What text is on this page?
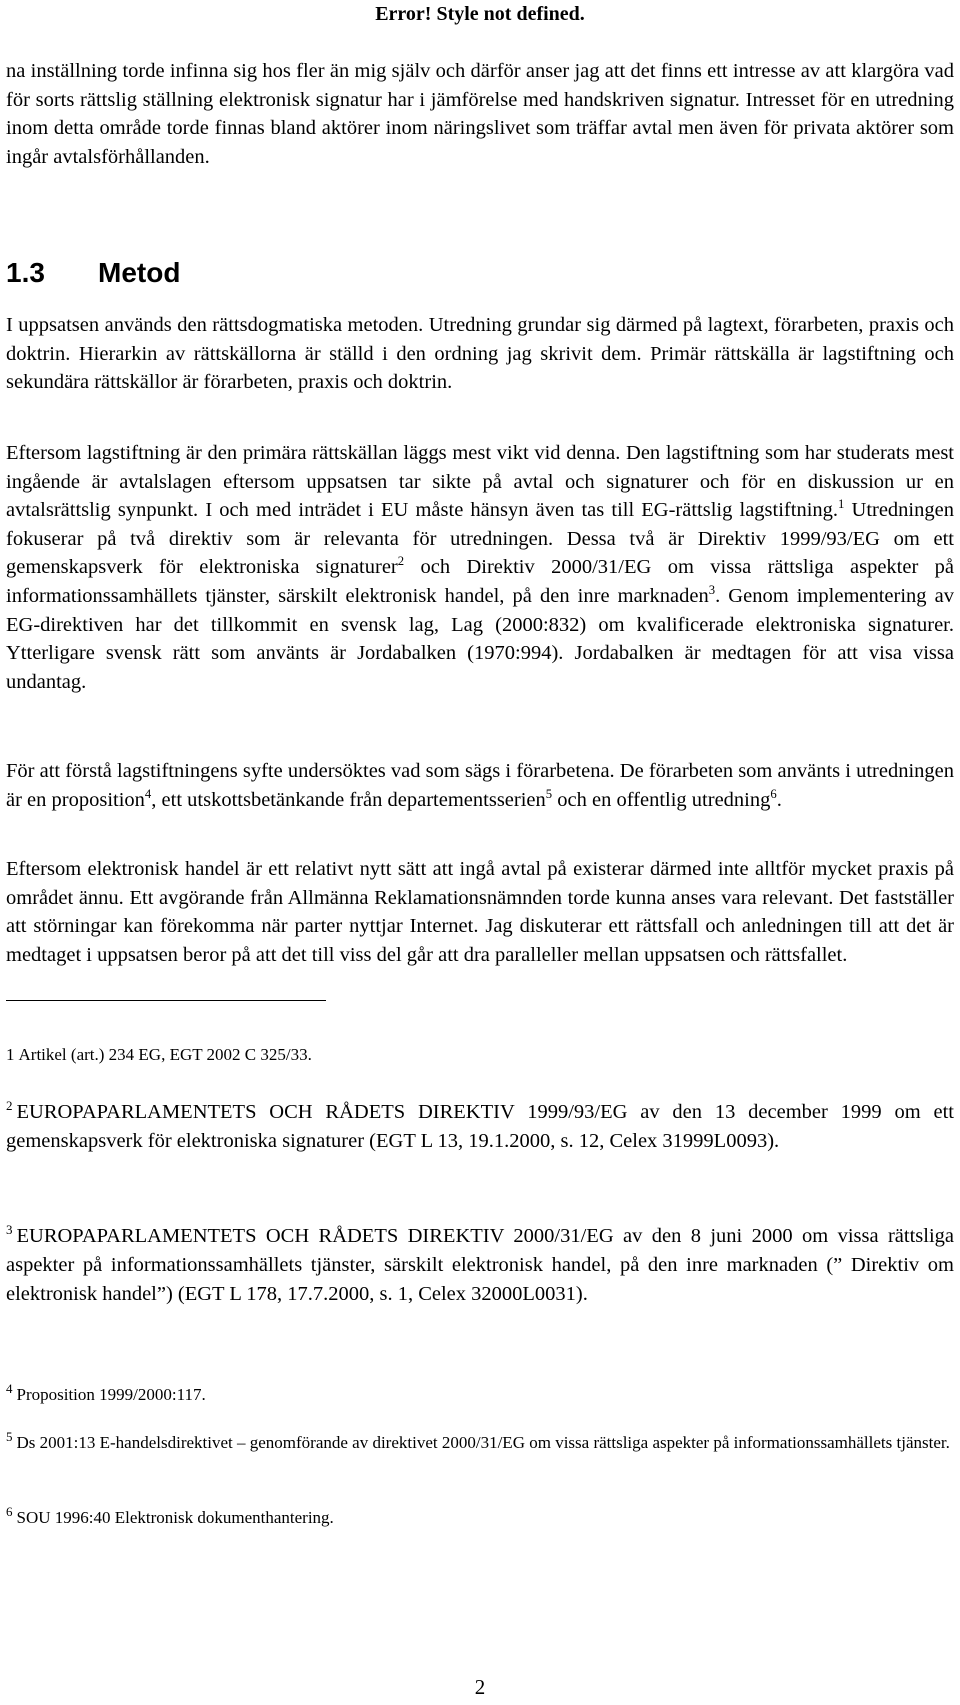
Error! Style not defined.

na inställning torde infinna sig hos fler än mig själv och därför anser jag att det finns ett intresse av att klargöra vad för sorts rättslig ställning elektronisk signatur har i jämförelse med handskriven signatur. Intresset för en utredning inom detta område torde finnas bland aktörer inom näringslivet som träffar avtal men även för privata aktörer som ingår avtalsförhållanden.

1.3 Metod

I uppsatsen används den rättsdogmatiska metoden. Utredning grundar sig därmed på lagtext, förarbeten, praxis och doktrin. Hierarkin av rättskällorna är ställd i den ordning jag skrivit dem. Primär rättskälla är lagstiftning och sekundära rättskällor är förarbeten, praxis och doktrin.

Eftersom lagstiftning är den primära rättskällan läggs mest vikt vid denna. Den lagstiftning som har studerats mest ingående är avtalslagen eftersom uppsatsen tar sikte på avtal och signaturer och för en diskussion ur en avtalsrättslig synpunkt. I och med inträdet i EU måste hänsyn även tas till EG-rättslig lagstiftning.$^1$ Utredningen fokuserar på två direktiv som är relevanta för utredningen. Dessa två är Direktiv 1999/93/EG om ett gemenskapsverk för elektroniska signaturer$^2$ och Direktiv 2000/31/EG om vissa rättsliga aspekter på informationssamhällets tjänster, särskilt elektronisk handel, på den inre marknaden$^3$. Genom implementering av EG-direktiven har det tillkommit en svensk lag, Lag (2000:832) om kvalificerade elektroniska signaturer. Ytterligare svensk rätt som använts är Jordabalken (1970:994). Jordabalken är medtagen för att visa vissa undantag.

För att förstå lagstiftningens syfte undersöktes vad som sägs i förarbetena. De förarbeten som använts i utredningen är en proposition$^4$, ett utskottsbetänkande från departementsserien$^5$ och en offentlig utredning$^6$.

Eftersom elektronisk handel är ett relativt nytt sätt att ingå avtal på existerar därmed inte alltför mycket praxis på området ännu. Ett avgörande från Allmänna Reklamationsnämnden torde kunna anses vara relevant. Det fastställer att störningar kan förekomma när parter nyttjar Internet. Jag diskuterar ett rättsfall och anledningen till att det är medtaget i uppsatsen beror på att det till viss del går att dra paralleller mellan uppsatsen och rättsfallet.

1 Artikel (art.) 234 EG, EGT 2002 C 325/33.

$^2$ EUROPAPARLAMENTETS OCH RÅDETS DIREKTIV 1999/93/EG av den 13 december 1999 om ett gemenskapsverk för elektroniska signaturer (EGT L 13, 19.1.2000, s. 12, Celex 31999L0093).

$^3$ EUROPAPARLAMENTETS OCH RÅDETS DIREKTIV 2000/31/EG av den 8 juni 2000 om vissa rättsliga aspekter på informationssamhällets tjänster, särskilt elektronisk handel, på den inre marknaden (” Direktiv om elektronisk handel”) (EGT L 178, 17.7.2000, s. 1, Celex 32000L0031).

$^4$ Proposition 1999/2000:117.

$^5$ Ds 2001:13 E-handelsdirektivet – genomförande av direktivet 2000/31/EG om vissa rättsliga aspekter på informationssamhällets tjänster.

$^6$ SOU 1996:40 Elektronisk dokumenthantering.

2
